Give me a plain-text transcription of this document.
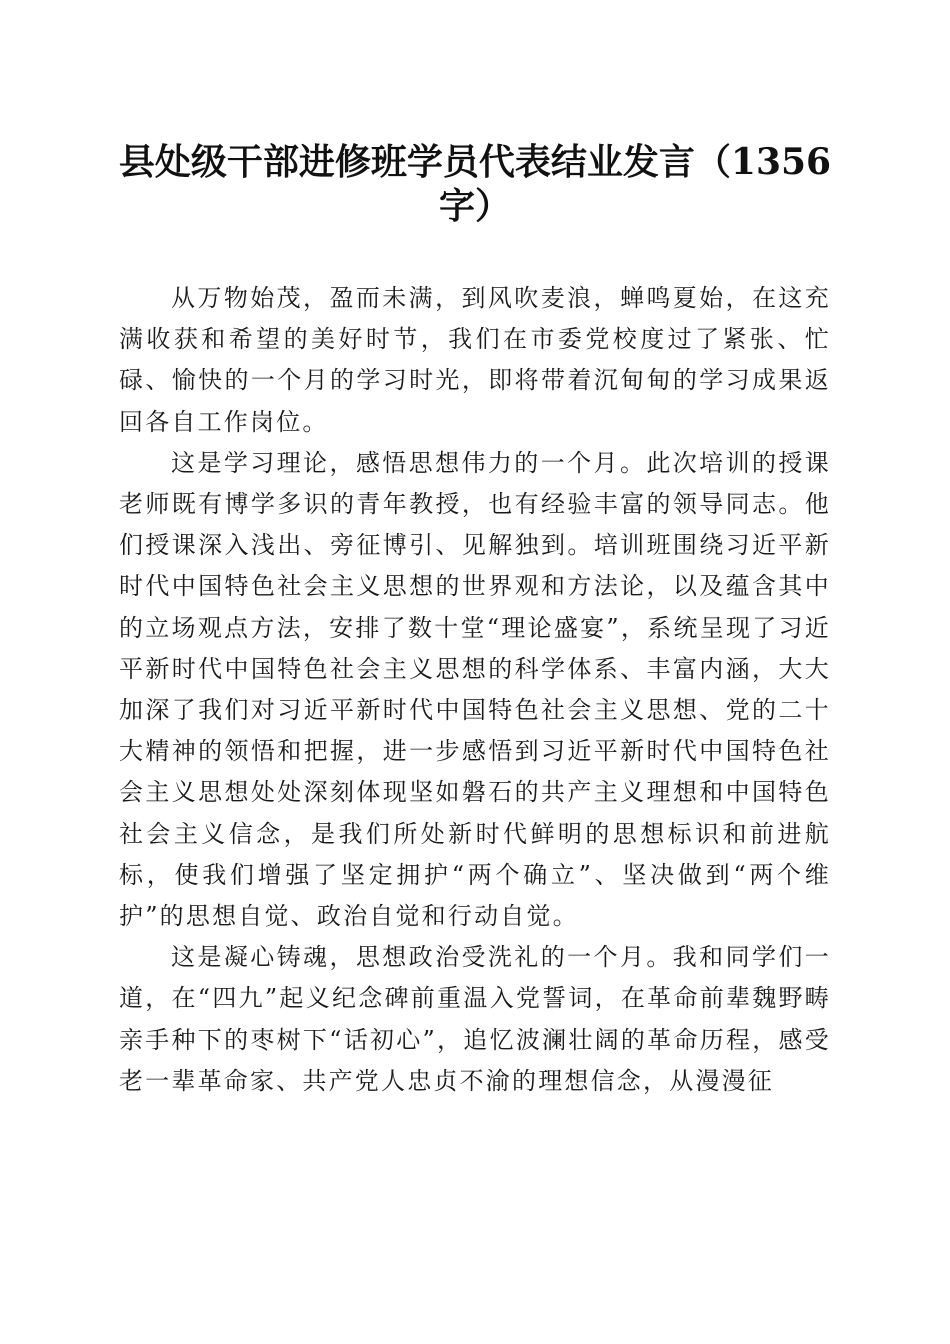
县处级干部进修班学员代表结业发言（1356字）

从万物始茂，盈而未满，到风吹麦浪，蝉鸣夏始，在这充满收获和希望的美好时节，我们在市委党校度过了紧张、忙碌、愉快的一个月的学习时光，即将带着沉甸甸的学习成果返回各自工作岗位。

这是学习理论，感悟思想伟力的一个月。此次培训的授课老师既有博学多识的青年教授，也有经验丰富的领导同志。他们授课深入浅出、旁征博引、见解独到。培训班围绕习近平新时代中国特色社会主义思想的世界观和方法论，以及蕴含其中的立场观点方法，安排了数十堂“理论盛宴”，系统呈现了习近平新时代中国特色社会主义思想的科学体系、丰富内涵，大大加深了我们对习近平新时代中国特色社会主义思想、党的二十大精神的领悟和把握，进一步感悟到习近平新时代中国特色社会主义思想处处深刻体现坚如磐石的共产主义理想和中国特色社会主义信念，是我们所处新时代鲜明的思想标识和前进航标，使我们增强了坚定拥护“两个确立”、坚决做到“两个维护”的思想自觉、政治自觉和行动自觉。

这是凝心铸魂，思想政治受洗礼的一个月。我和同学们一道，在“四九”起义纪念碑前重温入党誓词，在革命前辈魏野畴亲手种下的枣树下“话初心”，追忆波澜壮阔的革命历程，感受老一辈革命家、共产党人忠贞不渝的理想信念，从漫漫征
